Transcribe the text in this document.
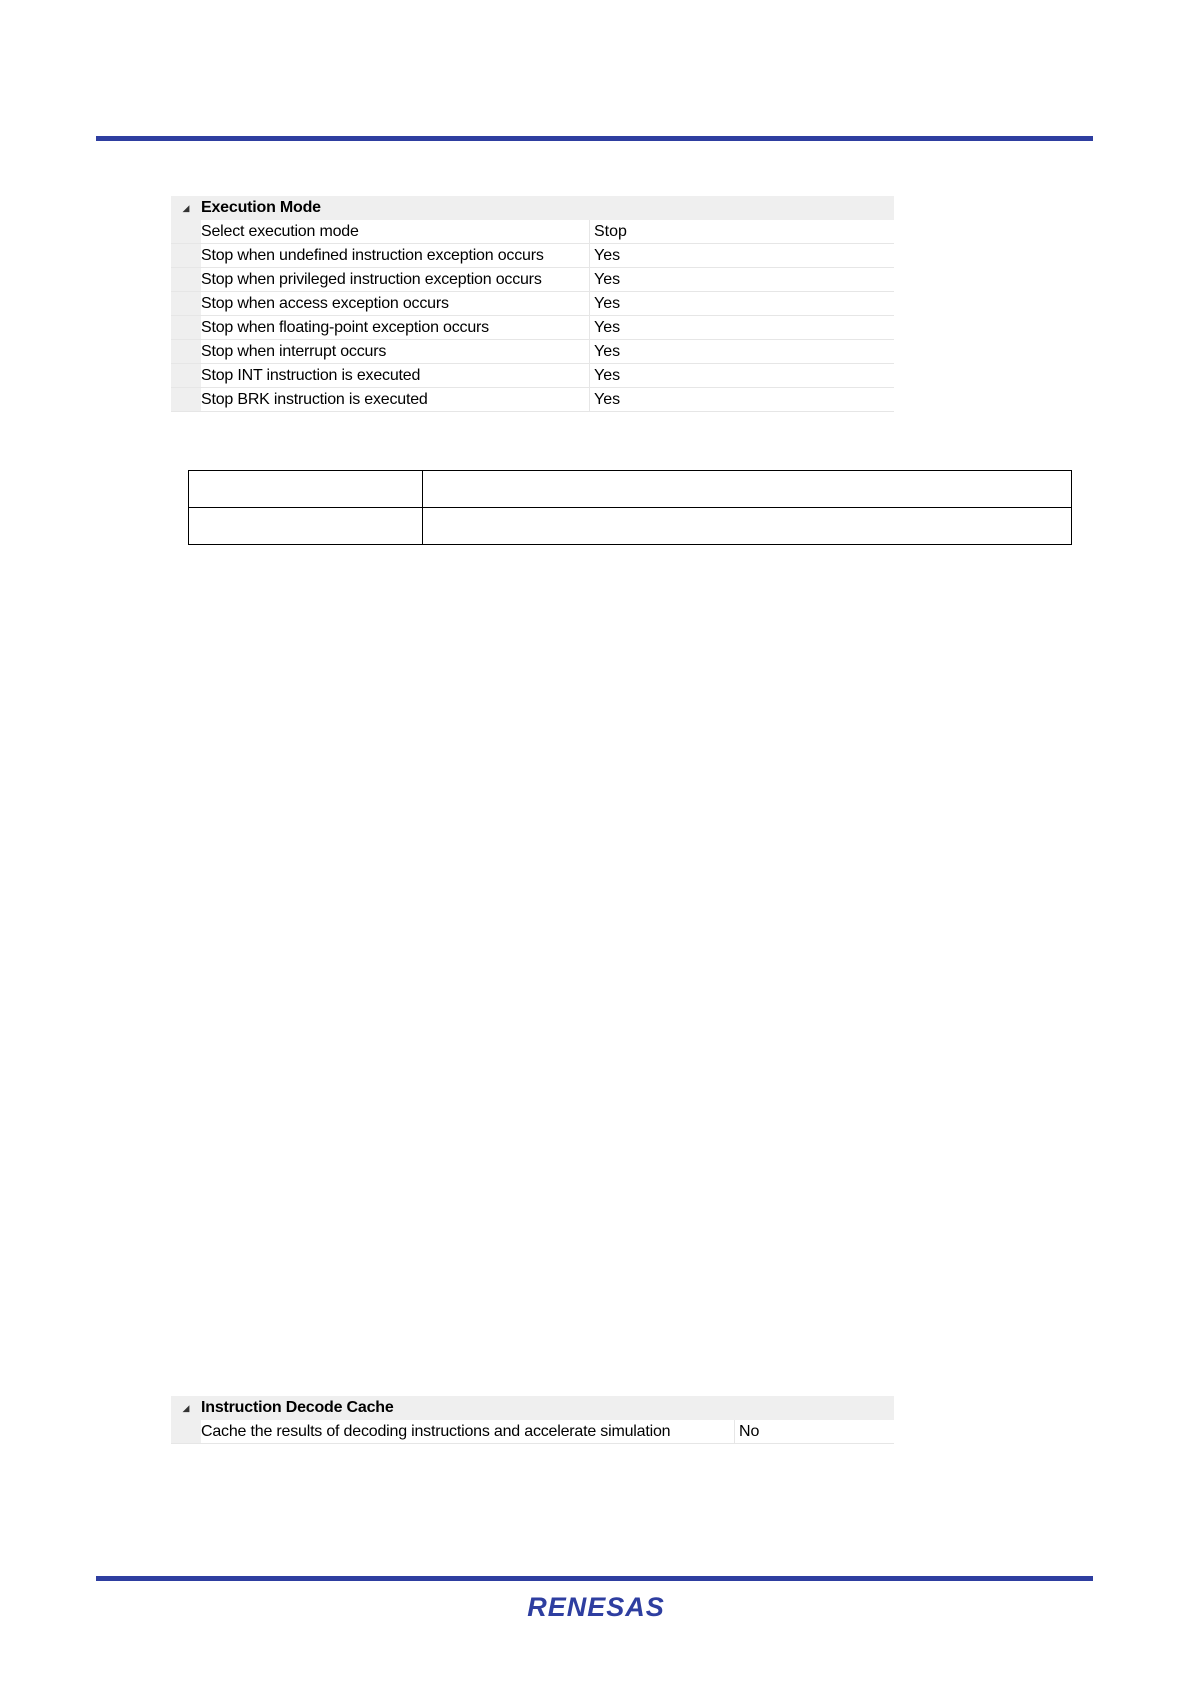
◢ Execution Mode
Select execution mode	Stop
Stop when undefined instruction exception occurs	Yes
Stop when privileged instruction exception occurs	Yes
Stop when access exception occurs	Yes
Stop when floating-point exception occurs	Yes
Stop when interrupt occurs	Yes
Stop INT instruction is executed	Yes
Stop BRK instruction is executed	Yes

◢ Instruction Decode Cache
Cache the results of decoding instructions and accelerate simulation	No
RENESAS
